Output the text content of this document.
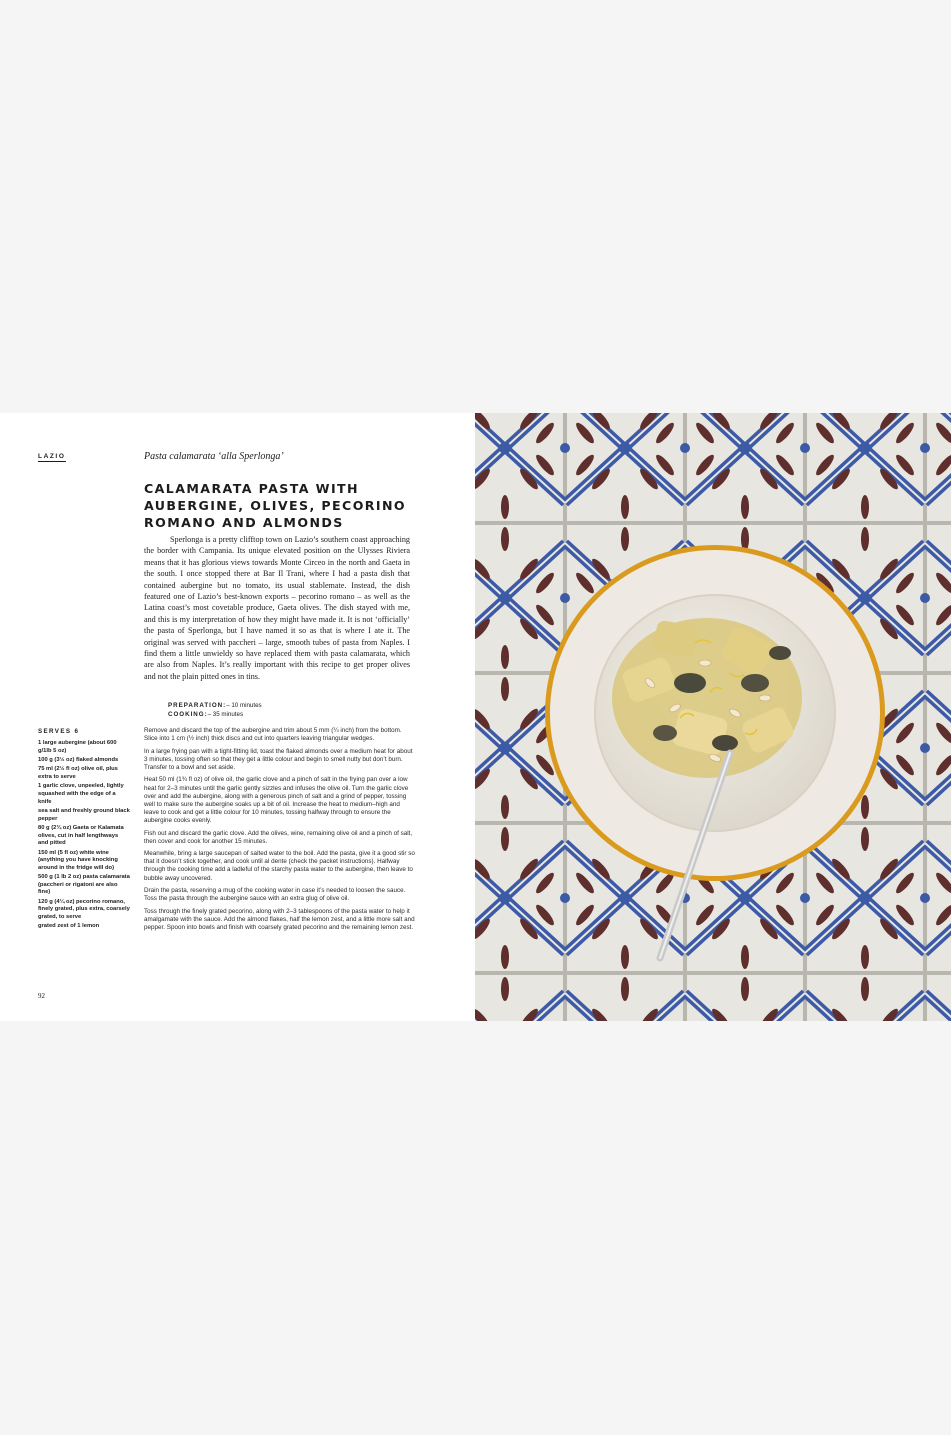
LAZIO	Pasta calamarata ‘alla Sperlonga’
CALAMARATA PASTA WITH AUBERGINE, OLIVES, PECORINO ROMANO AND ALMONDS

Sperlonga is a pretty clifftop town on Lazio’s southern coast approaching the border with Campania. Its unique elevated position on the Ulysses Riviera means that it has glorious views towards Monte Circeo in the north and Gaeta in the south. I once stopped there at Bar Il Trani, where I had a pasta dish that contained aubergine but no tomato, its usual stablemate. Instead, the dish featured one of Lazio’s best-known exports – pecorino romano – as well as the Latina coast’s most covetable produce, Gaeta olives. The dish stayed with me, and this is my interpretation of how they might have made it. It is not ‘officially’ the pasta of Sperlonga, but I have named it so as that is where I ate it. The original was served with paccheri – large, smooth tubes of pasta from Naples. I find them a little unwieldy so have replaced them with pasta calamarata, which are also from Naples. It’s really important with this recipe to get proper olives and not the plain pitted ones in tins.

PREPARATION:– 10 minutes
COOKING:– 35 minutes
SERVES 6
1 large aubergine (about 600 g/1lb 5 oz)
100 g (3½ oz) flaked almonds
75 ml (2½ fl oz) olive oil, plus extra to serve
1 garlic clove, unpeeled, lightly squashed with the edge of a knife
sea salt and freshly ground black pepper
80 g (2¾ oz) Gaeta or Kalamata olives, cut in half lengthways and pitted
150 ml (5 fl oz) white wine (anything you have knocking around in the fridge will do)
500 g (1 lb 2 oz) pasta calamarata (paccheri or rigatoni are also fine)
120 g (4¼ oz) pecorino romano, finely grated, plus extra, coarsely grated, to serve
grated zest of 1 lemon

Remove and discard the top of the aubergine and trim about 5 mm (¼ inch) from the bottom. Slice into 1 cm (½ inch) thick discs and cut into quarters leaving triangular wedges.

In a large frying pan with a tight-fitting lid, toast the flaked almonds over a medium heat for about 3 minutes, tossing often so that they get a little colour and begin to smell nutty but don’t burn. Transfer to a bowl and set aside.

Heat 50 ml (1¾ fl oz) of olive oil, the garlic clove and a pinch of salt in the frying pan over a low heat for 2–3 minutes until the garlic gently sizzles and infuses the olive oil. Turn the garlic clove over and add the aubergine, along with a generous pinch of salt and a grind of pepper, tossing well to make sure the aubergine soaks up a bit of oil. Increase the heat to medium–high and leave to cook and get a little colour for 10 minutes, tossing halfway through to ensure the aubergine cooks evenly.

Fish out and discard the garlic clove. Add the olives, wine, remaining olive oil and a pinch of salt, then cover and cook for another 15 minutes.

Meanwhile, bring a large saucepan of salted water to the boil. Add the pasta, give it a good stir so that it doesn’t stick together, and cook until al dente (check the packet instructions). Halfway through the cooking time add a ladleful of the starchy pasta water to the aubergine, then leave to bubble away uncovered.

Drain the pasta, reserving a mug of the cooking water in case it’s needed to loosen the sauce. Toss the pasta through the aubergine sauce with an extra glug of olive oil.

Toss through the finely grated pecorino, along with 2–3 tablespoons of the pasta water to help it amalgamate with the sauce. Add the almond flakes, half the lemon zest, and a little more salt and pepper. Spoon into bowls and finish with coarsely grated pecorino and the remaining lemon zest.

92
